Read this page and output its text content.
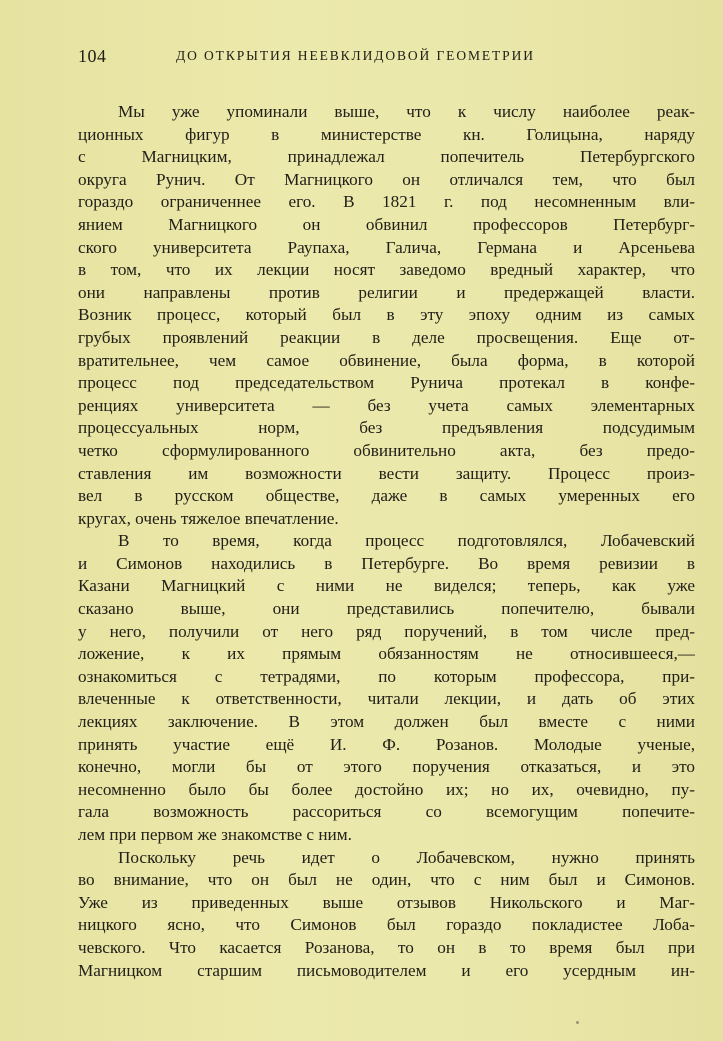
104	ДО ОТКРЫТИЯ НЕЕВКЛИДОВОЙ ГЕОМЕТРИИ
Мы уже упоминали выше, что к числу наиболее реак-
ционных фигур в министерстве кн. Голицына, наряду
с Магницким, принадлежал попечитель Петербургского
округа Рунич. От Магницкого он отличался тем, что был
гораздо ограниченнее его. В 1821 г. под несомненным вли-
янием Магницкого он обвинил профессоров Петербург-
ского университета Раупаха, Галича, Германа и Арсеньева
в том, что их лекции носят заведомо вредный характер, что
они направлены против религии и предержащей власти.
Возник процесс, который был в эту эпоху одним из самых
грубых проявлений реакции в деле просвещения. Еще от-
вратительнее, чем самое обвинение, была форма, в которой
процесс под председательством Рунича протекал в конфе-
ренциях университета — без учета самых элементарных
процессуальных норм, без предъявления подсудимым
четко сформулированного обвинительно акта, без предо-
ставления им возможности вести защиту. Процесс произ-
вел в русском обществе, даже в самых умеренных его
кругах, очень тяжелое впечатление.
В то время, когда процесс подготовлялся, Лобачевский
и Симонов находились в Петербурге. Во время ревизии в
Казани Магницкий с ними не виделся; теперь, как уже
сказано выше, они представились попечителю, бывали
у него, получили от него ряд поручений, в том числе пред-
ложение, к их прямым обязанностям не относившееся,—
ознакомиться с тетрадями, по которым профессора, при-
влеченные к ответственности, читали лекции, и дать об этих
лекциях заключение. В этом должен был вместе с ними
принять участие ещё И. Ф. Розанов. Молодые ученые,
конечно, могли бы от этого поручения отказаться, и это
несомненно было бы более достойно их; но их, очевидно, пу-
гала возможность рассориться со всемогущим попечите-
лем при первом же знакомстве с ним.
Поскольку речь идет о Лобачевском, нужно принять
во внимание, что он был не один, что с ним был и Симонов.
Уже из приведенных выше отзывов Никольского и Маг-
ницкого ясно, что Симонов был гораздо покладистее Лоба-
чевского. Что касается Розанова, то он в то время был при
Магницком старшим письмоводителем и его усердным ин-
